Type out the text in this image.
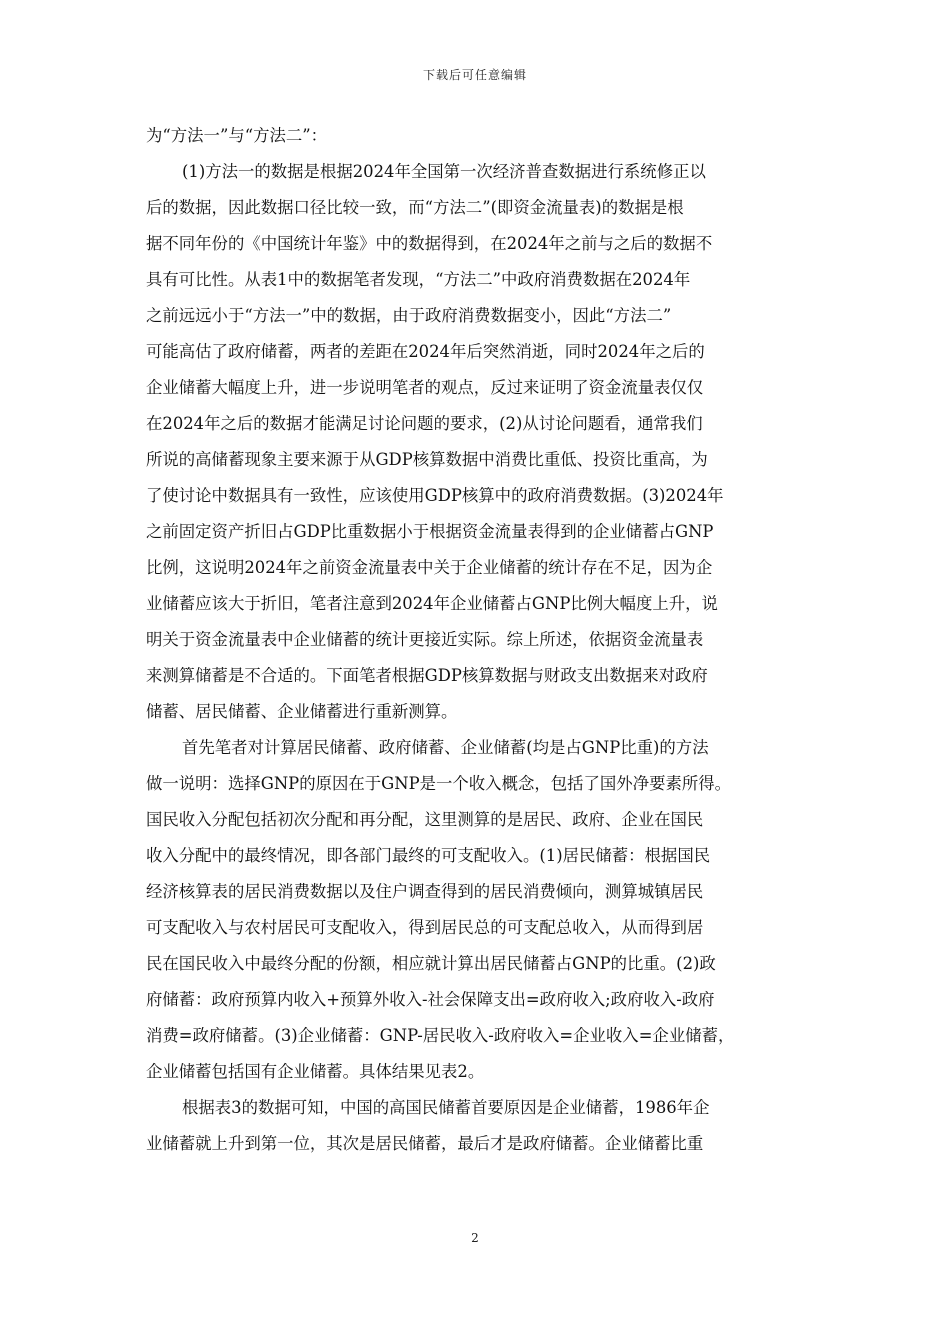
下载后可任意编辑
为“方法一”与“方法二”：
(1)方法一的数据是根据2024年全国第一次经济普查数据进行系统修正以
后的数据，因此数据口径比较一致，而“方法二”(即资金流量表)的数据是根
据不同年份的《中国统计年鉴》中的数据得到，在2024年之前与之后的数据不
具有可比性。从表1中的数据笔者发现，“方法二”中政府消费数据在2024年
之前远远小于“方法一”中的数据，由于政府消费数据变小，因此“方法二”
可能高估了政府储蓄，两者的差距在2024年后突然消逝，同时2024年之后的
企业储蓄大幅度上升，进一步说明笔者的观点，反过来证明了资金流量表仅仅
在2024年之后的数据才能满足讨论问题的要求，(2)从讨论问题看，通常我们
所说的高储蓄现象主要来源于从GDP核算数据中消费比重低、投资比重高，为
了使讨论中数据具有一致性，应该使用GDP核算中的政府消费数据。(3)2024年
之前固定资产折旧占GDP比重数据小于根据资金流量表得到的企业储蓄占GNP
比例，这说明2024年之前资金流量表中关于企业储蓄的统计存在不足，因为企
业储蓄应该大于折旧，笔者注意到2024年企业储蓄占GNP比例大幅度上升，说
明关于资金流量表中企业储蓄的统计更接近实际。综上所述，依据资金流量表
来测算储蓄是不合适的。下面笔者根据GDP核算数据与财政支出数据来对政府
储蓄、居民储蓄、企业储蓄进行重新测算。
首先笔者对计算居民储蓄、政府储蓄、企业储蓄(均是占GNP比重)的方法
做一说明：选择GNP的原因在于GNP是一个收入概念，包括了国外净要素所得。
国民收入分配包括初次分配和再分配，这里测算的是居民、政府、企业在国民
收入分配中的最终情况，即各部门最终的可支配收入。(1)居民储蓄：根据国民
经济核算表的居民消费数据以及住户调查得到的居民消费倾向，测算城镇居民
可支配收入与农村居民可支配收入，得到居民总的可支配总收入，从而得到居
民在国民收入中最终分配的份额，相应就计算出居民储蓄占GNP的比重。(2)政
府储蓄：政府预算内收入+预算外收入-社会保障支出=政府收入;政府收入-政府
消费=政府储蓄。(3)企业储蓄：GNP-居民收入-政府收入=企业收入=企业储蓄，
企业储蓄包括国有企业储蓄。具体结果见表2。
根据表3的数据可知，中国的高国民储蓄首要原因是企业储蓄，1986年企
业储蓄就上升到第一位，其次是居民储蓄，最后才是政府储蓄。企业储蓄比重
2
